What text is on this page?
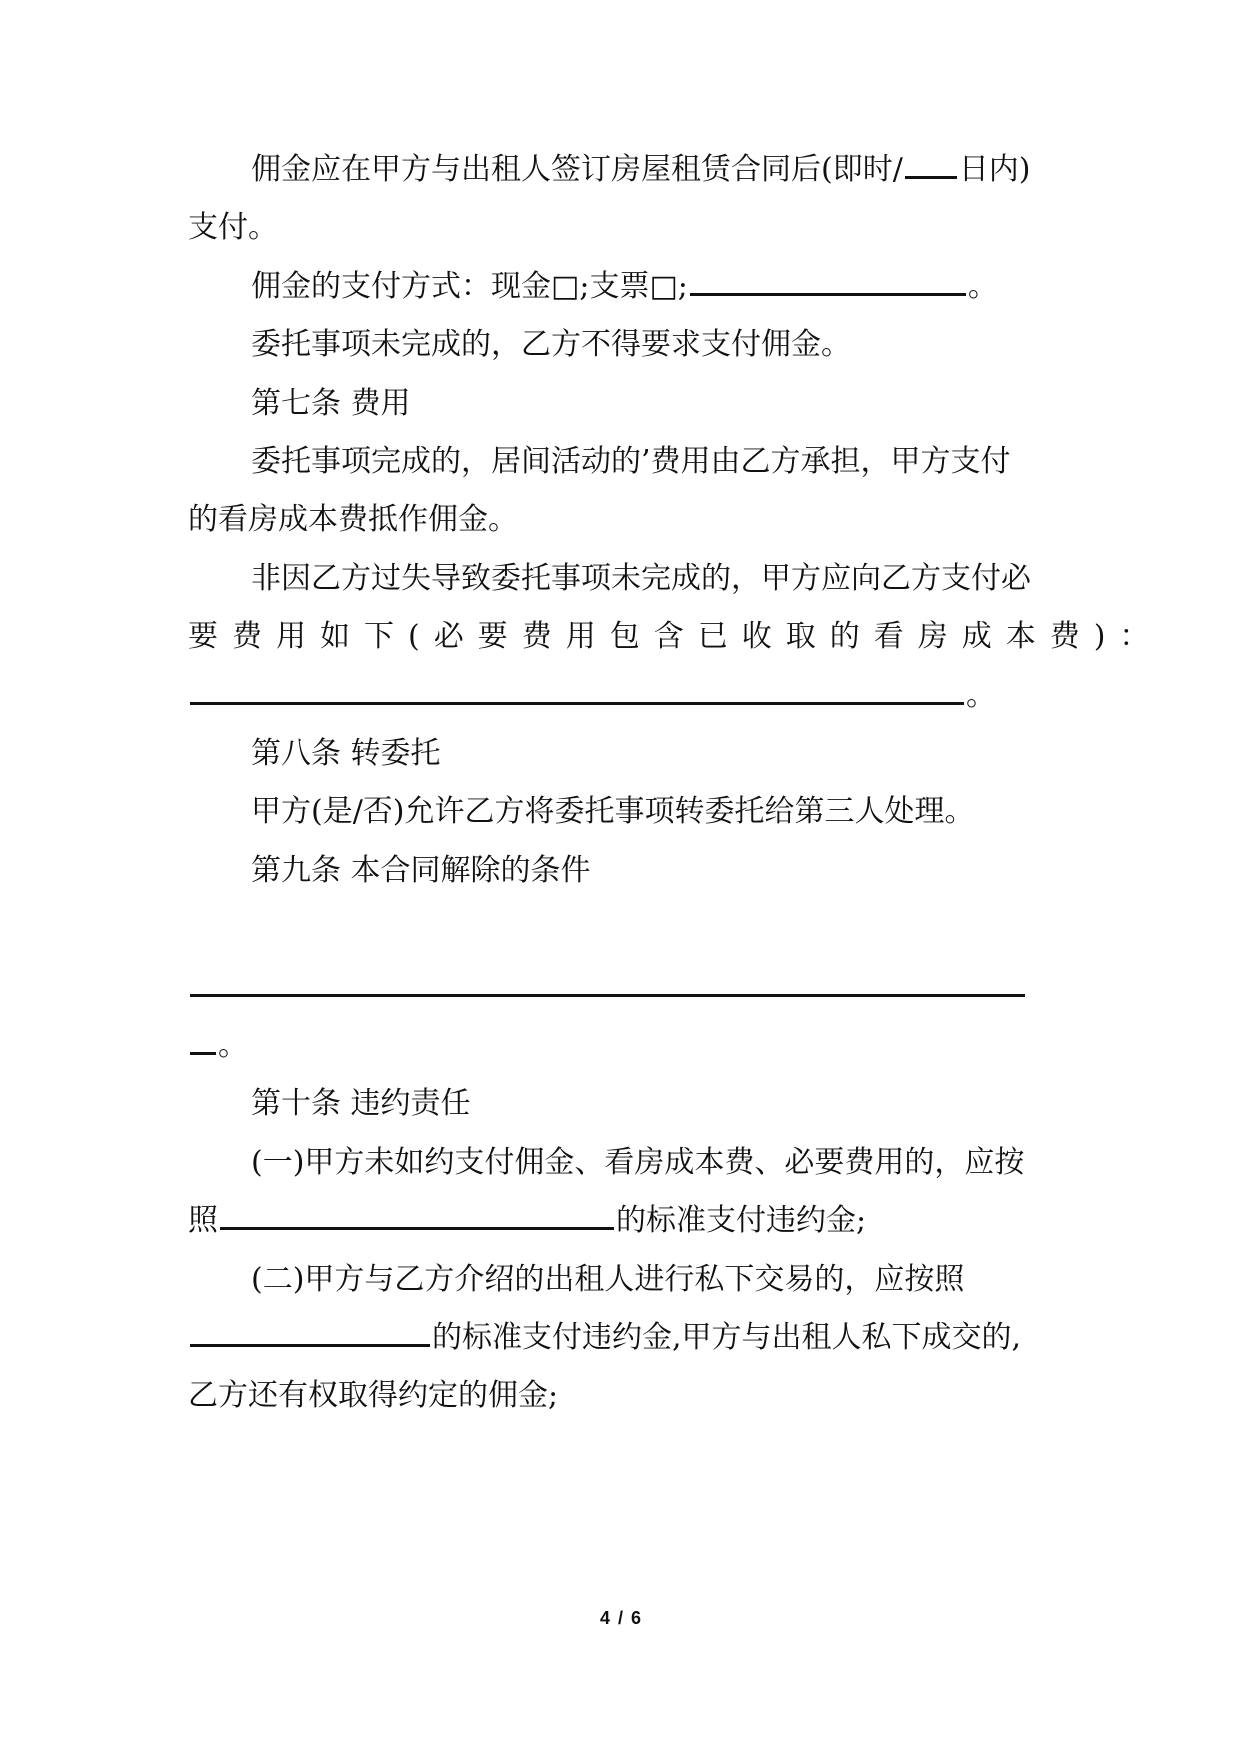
佣金应在甲方与出租人签订房屋租赁合同后(即时/ 日内)
支付。
佣金的支付方式：现金□;支票□;	。
委托事项未完成的，乙方不得要求支付佣金。
第七条 费用
委托事项完成的，居间活动的’费用由乙方承担，甲方支付
的看房成本费抵作佣金。
非因乙方过失导致委托事项未完成的，甲方应向乙方支付必
要费用如下(必要费用包含已收取的看房成本费)：
。
第八条 转委托
甲方(是/否)允许乙方将委托事项转委托给第三人处理。
第九条 本合同解除的条件
。
第十条 违约责任
(一)甲方未如约支付佣金、看房成本费、必要费用的，应按
照	的标准支付违约金;
(二)甲方与乙方介绍的出租人进行私下交易的，应按照
的标准支付违约金,甲方与出租人私下成交的,
乙方还有权取得约定的佣金;
4 / 6
